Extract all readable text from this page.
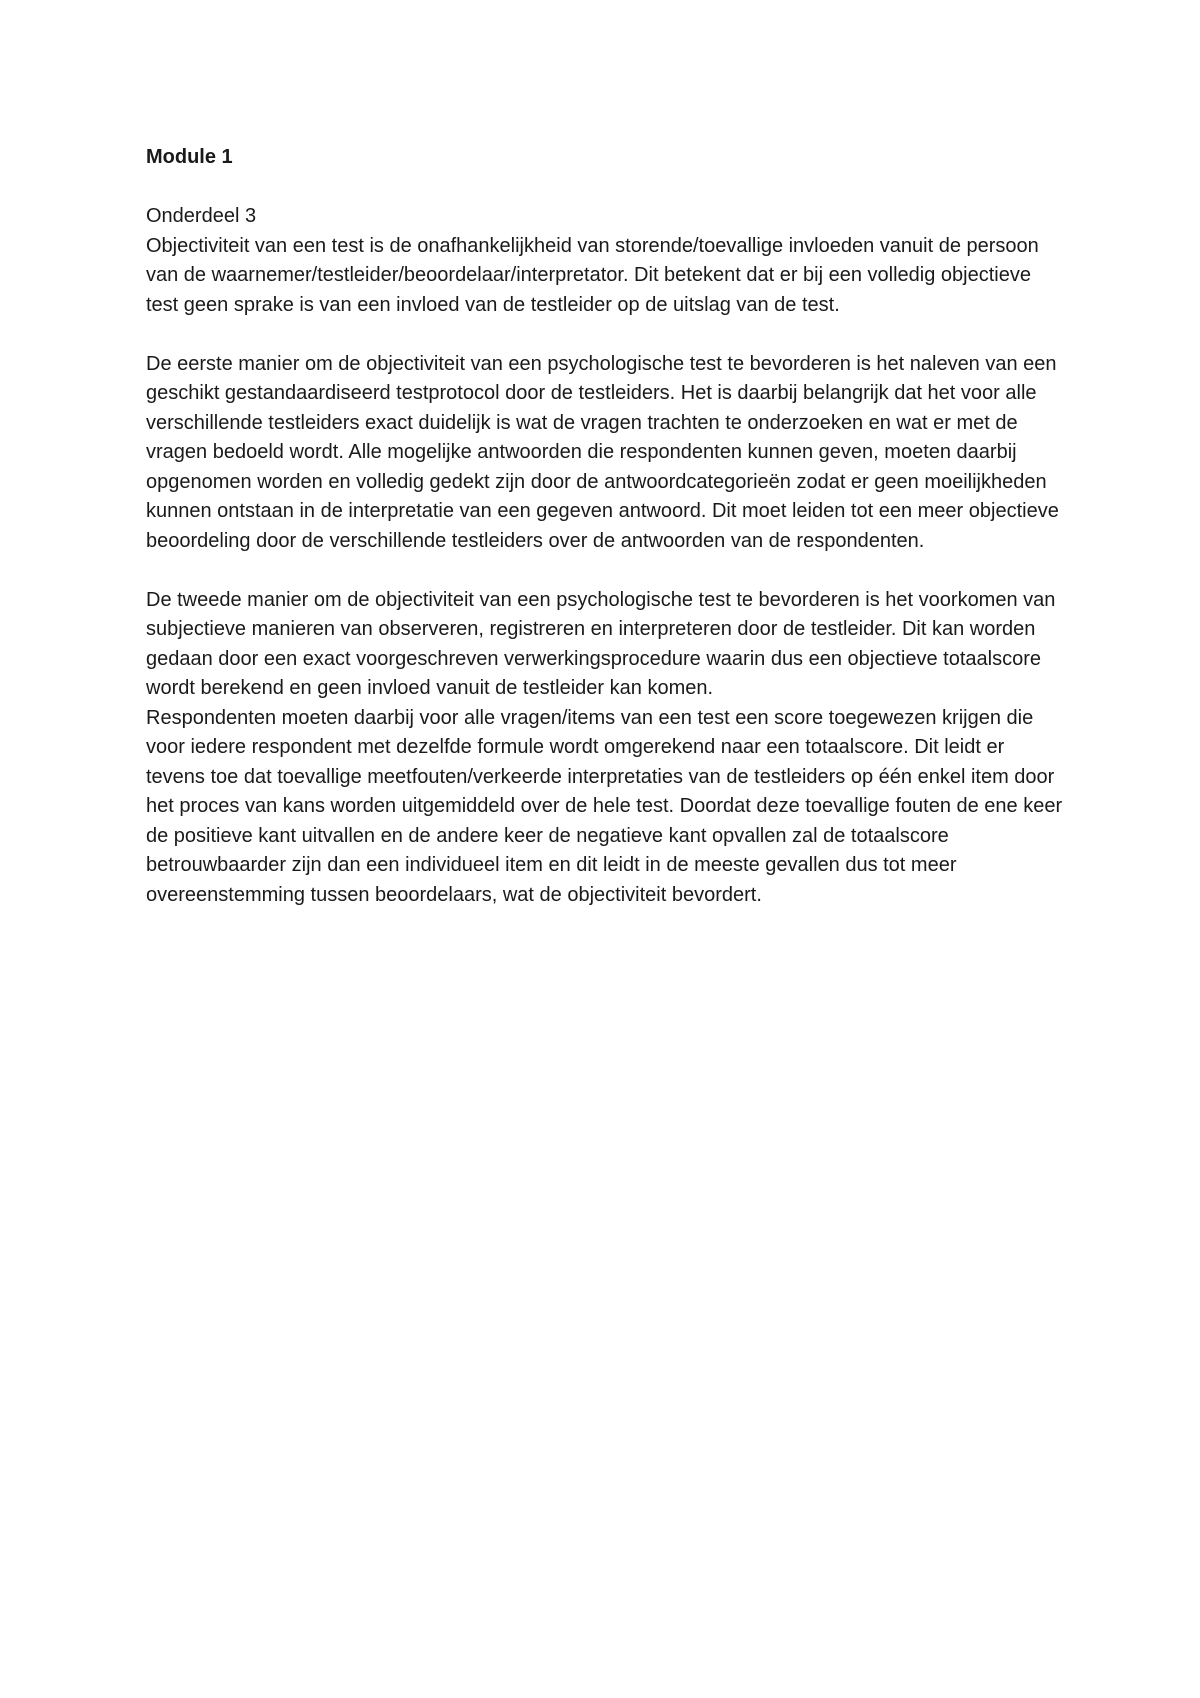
Module 1
Onderdeel 3

Objectiviteit van een test is de onafhankelijkheid van storende/toevallige invloeden vanuit de persoon van de waarnemer/testleider/beoordelaar/interpretator. Dit betekent dat er bij een volledig objectieve test geen sprake is van een invloed van de testleider op de uitslag van de test.

De eerste manier om de objectiviteit van een psychologische test te bevorderen is het naleven van een geschikt gestandaardiseerd testprotocol door de testleiders. Het is daarbij belangrijk dat het voor alle verschillende testleiders exact duidelijk is wat de vragen trachten te onderzoeken en wat er met de vragen bedoeld wordt. Alle mogelijke antwoorden die respondenten kunnen geven, moeten daarbij opgenomen worden en volledig gedekt zijn door de antwoordcategorieën zodat er geen moeilijkheden kunnen ontstaan in de interpretatie van een gegeven antwoord. Dit moet leiden tot een meer objectieve beoordeling door de verschillende testleiders over de antwoorden van de respondenten.

De tweede manier om de objectiviteit van een psychologische test te bevorderen is het voorkomen van subjectieve manieren van observeren, registreren en interpreteren door de testleider. Dit kan worden gedaan door een exact voorgeschreven verwerkingsprocedure waarin dus een objectieve totaalscore wordt berekend en geen invloed vanuit de testleider kan komen.

Respondenten moeten daarbij voor alle vragen/items van een test een score toegewezen krijgen die voor iedere respondent met dezelfde formule wordt omgerekend naar een totaalscore. Dit leidt er tevens toe dat toevallige meetfouten/verkeerde interpretaties van de testleiders op één enkel item door het proces van kans worden uitgemiddeld over de hele test. Doordat deze toevallige fouten de ene keer de positieve kant uitvallen en de andere keer de negatieve kant opvallen zal de totaalscore betrouwbaarder zijn dan een individueel item en dit leidt in de meeste gevallen dus tot meer overeenstemming tussen beoordelaars, wat de objectiviteit bevordert.
